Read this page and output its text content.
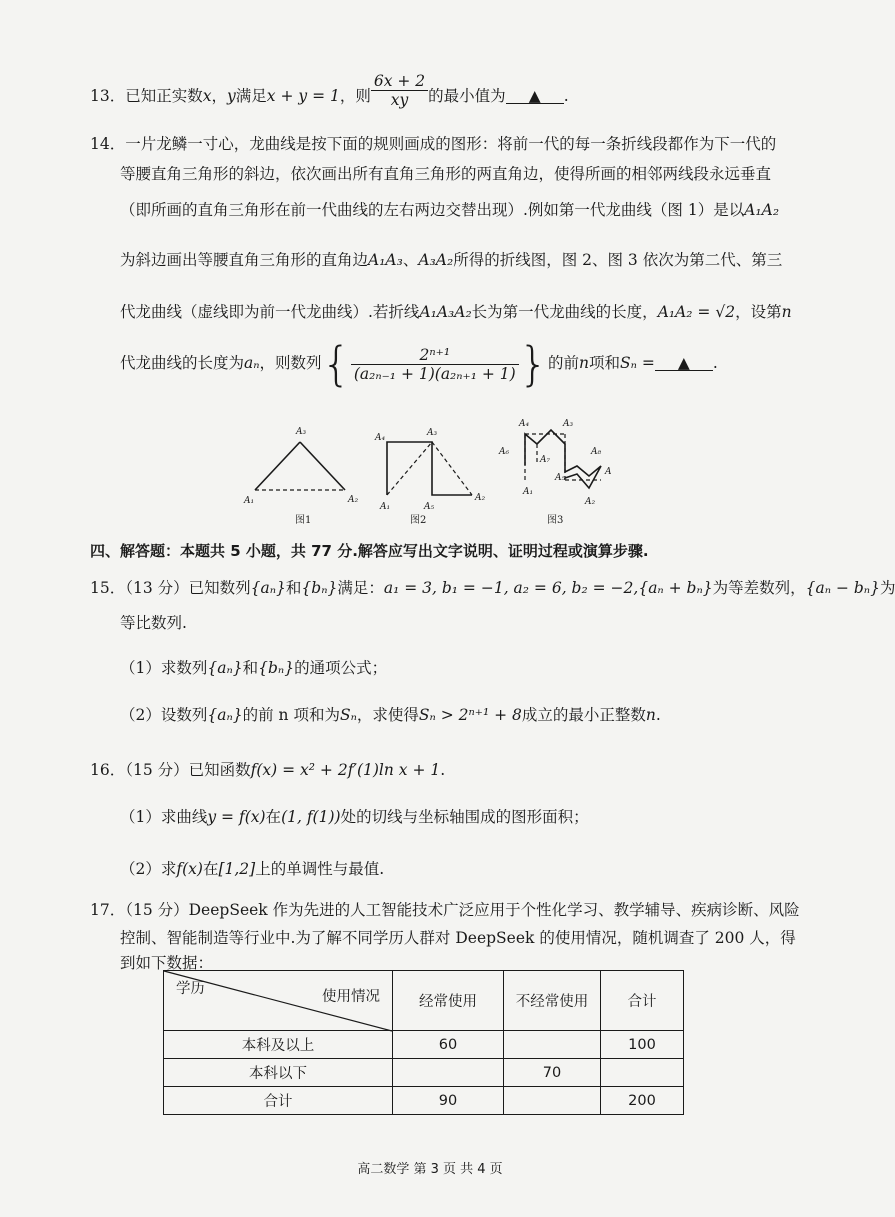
13．已知正实数x，y满足x + y = 1，则 $\frac{6x + 2}{xy}$ 的最小值为 ▲ .
14．一片龙鳞一寸心，龙曲线是按下面的规则画成的图形：将前一代的每一条折线段都作为下一代的
等腰直角三角形的斜边，依次画出所有直角三角形的两直角边，使得所画的相邻两线段永远垂直
（即所画的直角三角形在前一代曲线的左右两边交替出现）.例如第一代龙曲线（图 1）是以A₁A₂
为斜边画出等腰直角三角形的直角边A₁A₃、A₃A₂所得的折线图，图 2、图 3 依次为第二代、第三
代龙曲线（虚线即为前一代龙曲线）.若折线A₁A₃A₂长为第一代龙曲线的长度，A₁A₂ = √2，设第n
代龙曲线的长度为aₙ，则数列{ $\frac{\text{2ⁿ⁺¹}}{\text{(a₂ₙ₋₁ + 1)(a₂ₙ₊₁ + 1)}}$ }的前n项和Sₙ = ▲ .
A₃
A₁	A₂
图1
A₄	A₃
A₁	A₅
A₂
图2
A₄	A₃
A₆
A₇
A₈
A₁
A₅
A
A₂
图3
四、解答题：本题共 5 小题，共 77 分.解答应写出文字说明、证明过程或演算步骤.
15．（13 分）已知数列{aₙ}和{bₙ}满足：a₁ = 3, b₁ = −1, a₂ = 6, b₂ = −2,{aₙ + bₙ}为等差数列，{aₙ − bₙ}为
等比数列.
（1）求数列{aₙ}和{bₙ}的通项公式；
（2）设数列{aₙ}的前 n 项和为Sₙ，求使得Sₙ > 2ⁿ⁺¹ + 8成立的最小正整数n.
16．（15 分）已知函数f(x) = x² + 2f′(1)ln x + 1.
（1）求曲线y = f(x)在(1, f(1))处的切线与坐标轴围成的图形面积；
（2）求f(x)在[1,2]上的单调性与最值.
17．（15 分）DeepSeek 作为先进的人工智能技术广泛应用于个性化学习、教学辅导、疾病诊断、风险
控制、智能制造等行业中.为了解不同学历人群对 DeepSeek 的使用情况，随机调查了 200 人，得
到如下数据：
学历 使用情况	经常使用	不经常使用	合计
本科及以上	60		100
本科以下		70	
合计	90		200
高二数学 第 3 页 共 4 页
